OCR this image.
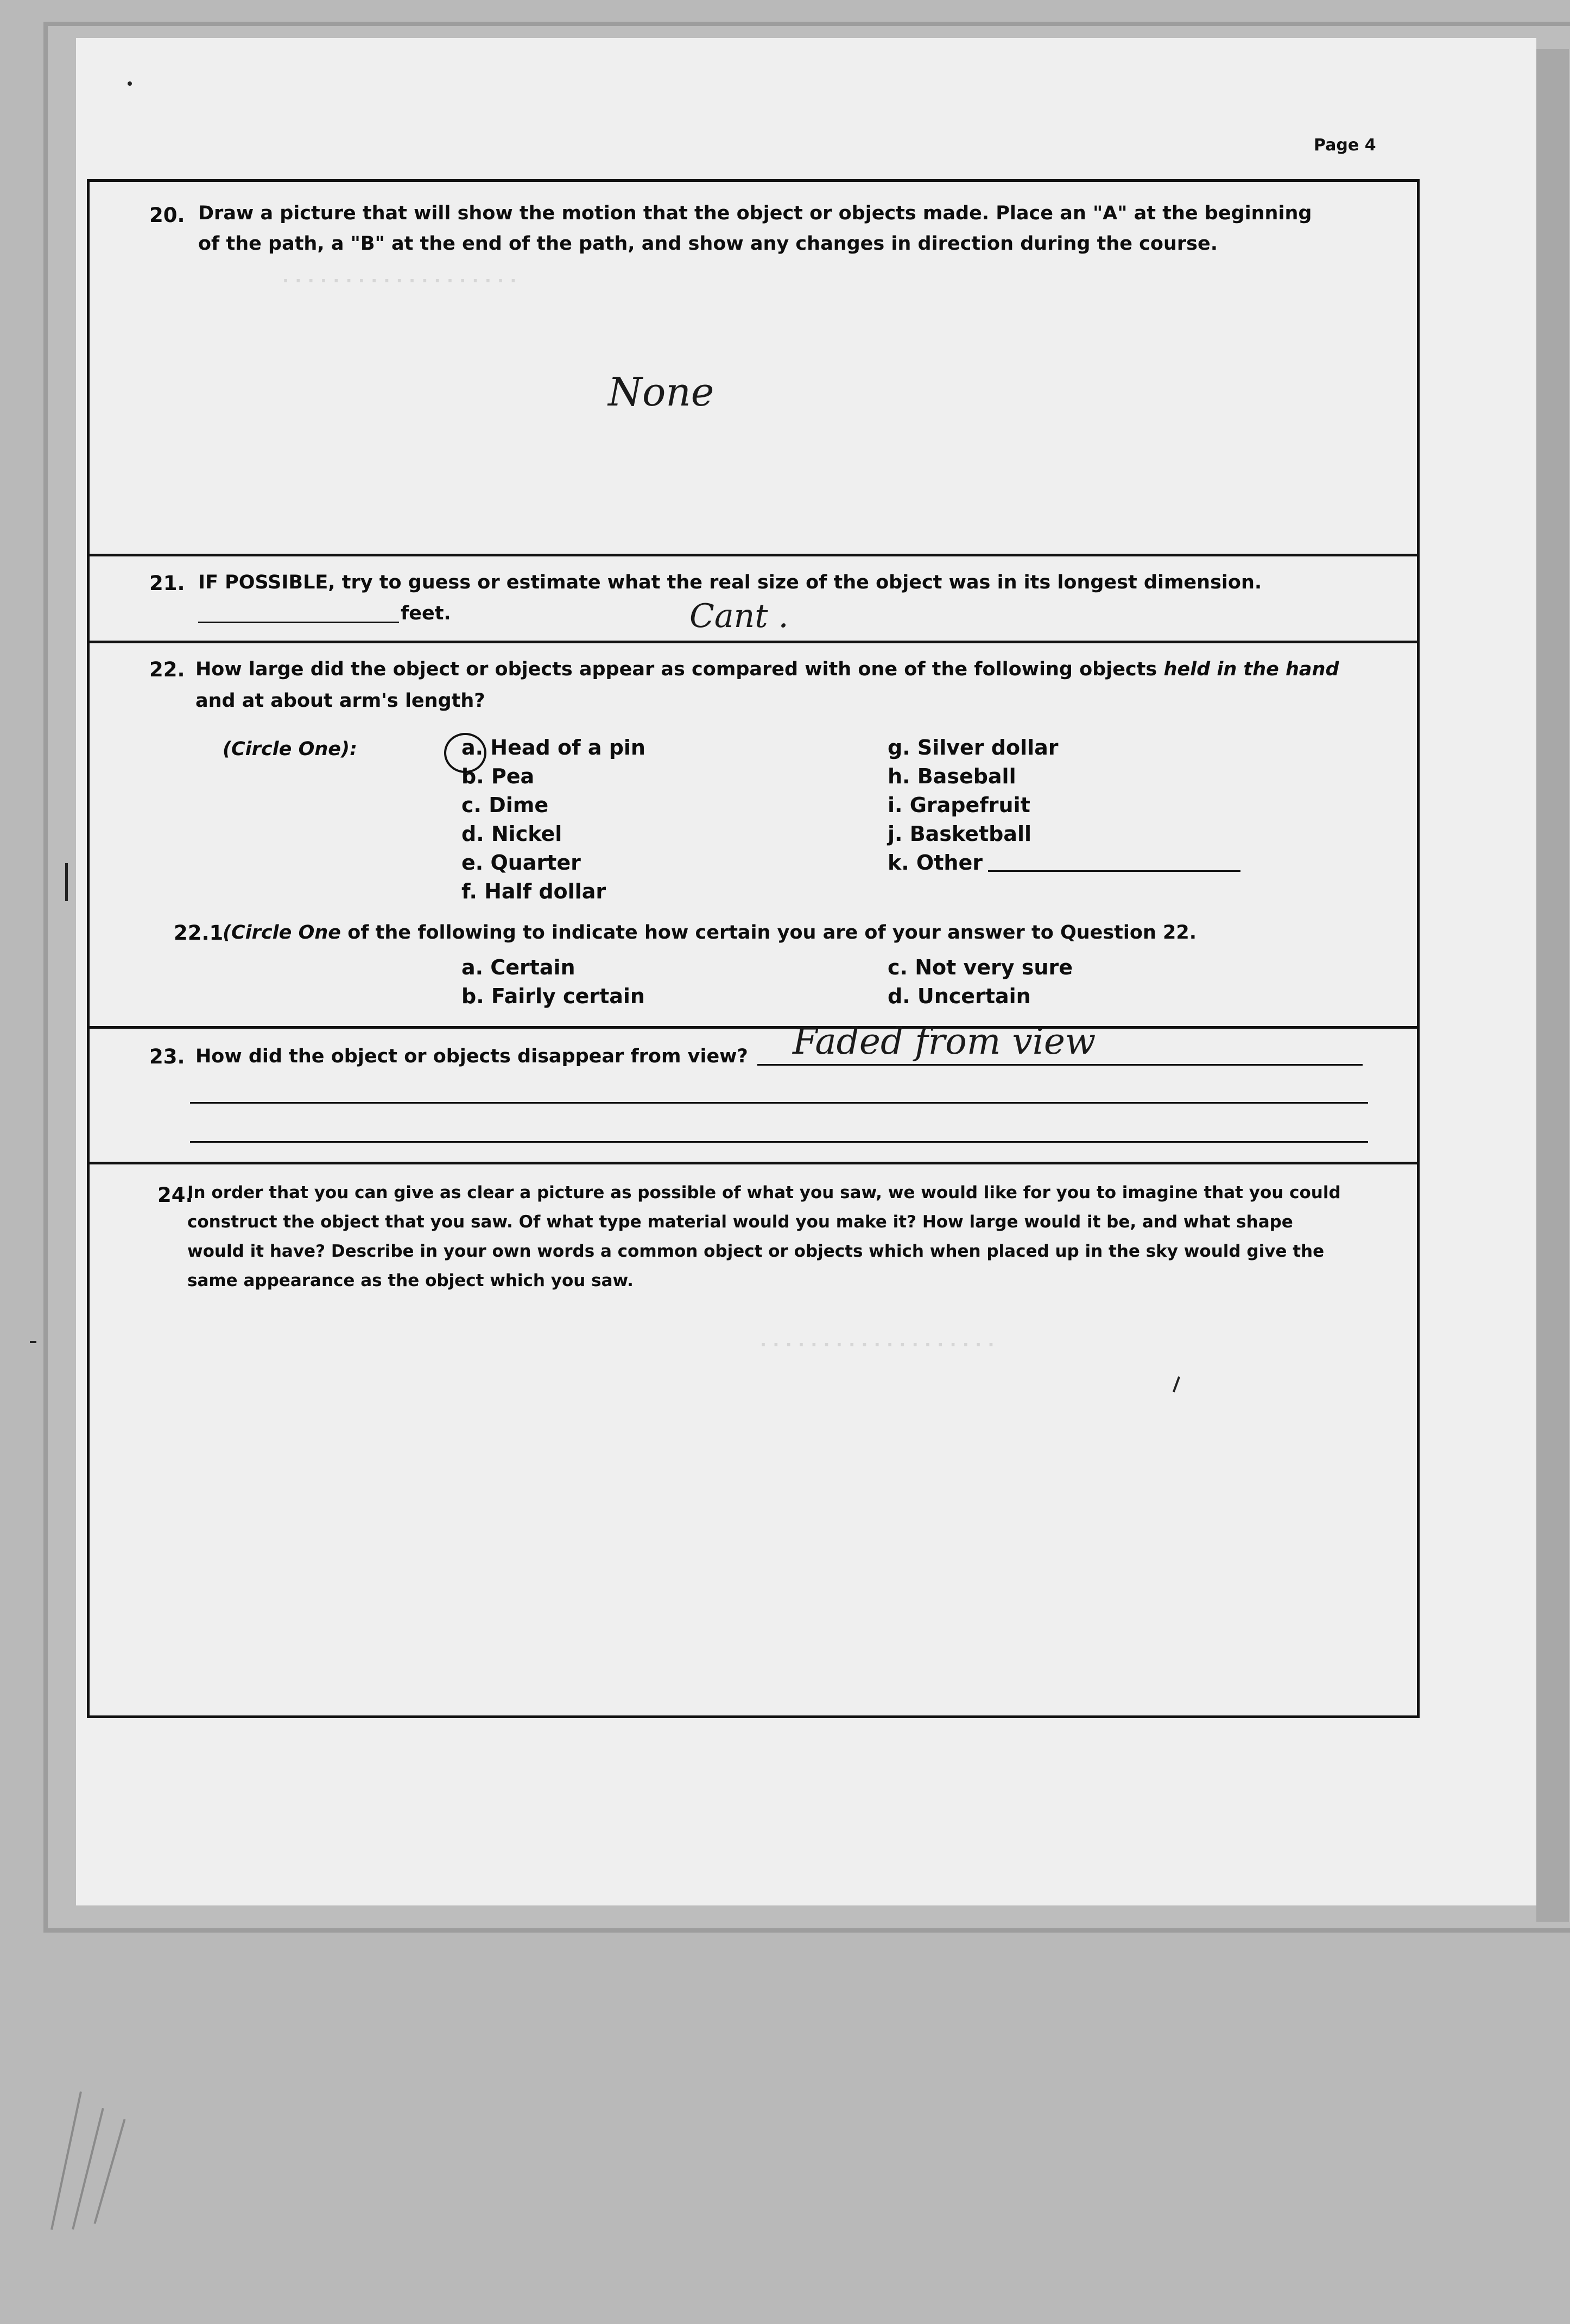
. . . . . . . . . . . . . . . . . . .
. . . . . . . . . . . . . . . . . . .
Page 4
20. Draw a picture that will show the motion that the object or objects made. Place an "A" at the beginning
of the path, a "B" at the end of the path, and show any changes in direction during the course.
None
21. IF POSSIBLE, try to guess or estimate what the real size of the object was in its longest dimension.
feet.	Cant .
22. How large did the object or objects appear as compared with one of the following objects held in the hand
and at about arm's length?
(Circle One):	a. Head of a pin
b. Pea
c. Dime
d. Nickel
e. Quarter
f. Half dollar
g. Silver dollar
h. Baseball
i. Grapefruit
j. Basketball
k. Other
22.1
(Circle One of the following to indicate how certain you are of your answer to Question 22.
a. Certain
b. Fairly certain
c. Not very sure
d. Uncertain
23. How did the object or objects disappear from view? Faded from view
24.
In order that you can give as clear a picture as possible of what you saw, we would like for you to imagine that you could
construct the object that you saw. Of what type material would you make it? How large would it be, and what shape
would it have? Describe in your own words a common object or objects which when placed up in the sky would give the
same appearance as the object which you saw.
